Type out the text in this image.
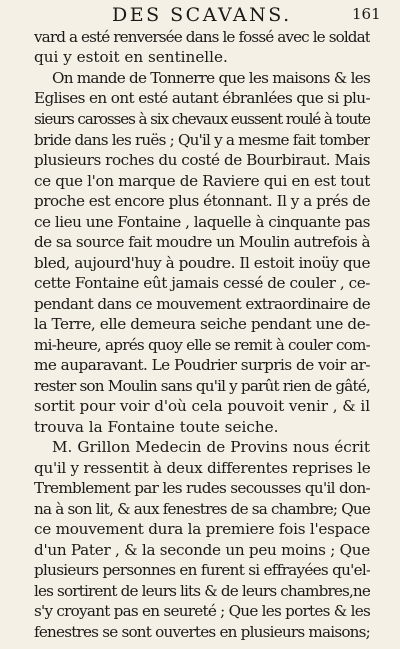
DES SCAVANS.	161
vard a esté renversée dans le fossé avec le soldat
qui y estoit en sentinelle.
On mande de Tonnerre que les maisons & les
Eglises en ont esté autant ébranlées que si plu-
sieurs carosses à six chevaux eussent roulé à toute
bride dans les ruës ; Qu'il y a mesme fait tomber
plusieurs roches du costé de Bourbiraut. Mais
ce que l'on marque de Raviere qui en est tout
proche est encore plus étonnant. Il y a prés de
ce lieu une Fontaine , laquelle à cinquante pas
de sa source fait moudre un Moulin autrefois à
bled, aujourd'huy à poudre. Il estoit inoüy que
cette Fontaine eût jamais cessé de couler , ce-
pendant dans ce mouvement extraordinaire de
la Terre, elle demeura seiche pendant une de-
mi-heure, aprés quoy elle se remit à couler com-
me auparavant. Le Poudrier surpris de voir ar-
rester son Moulin sans qu'il y parût rien de gâté,
sortit pour voir d'où cela pouvoit venir , & il
trouva la Fontaine toute seiche.
M. Grillon Medecin de Provins nous écrit
qu'il y ressentit à deux differentes reprises le
Tremblement par les rudes secousses qu'il don-
na à son lit, & aux fenestres de sa chambre; Que
ce mouvement dura la premiere fois l'espace
d'un Pater , & la seconde un peu moins ; Que
plusieurs personnes en furent si effrayées qu'el-
les sortirent de leurs lits & de leurs chambres,ne
s'y croyant pas en seureté ; Que les portes & les
fenestres se sont ouvertes en plusieurs maisons;
